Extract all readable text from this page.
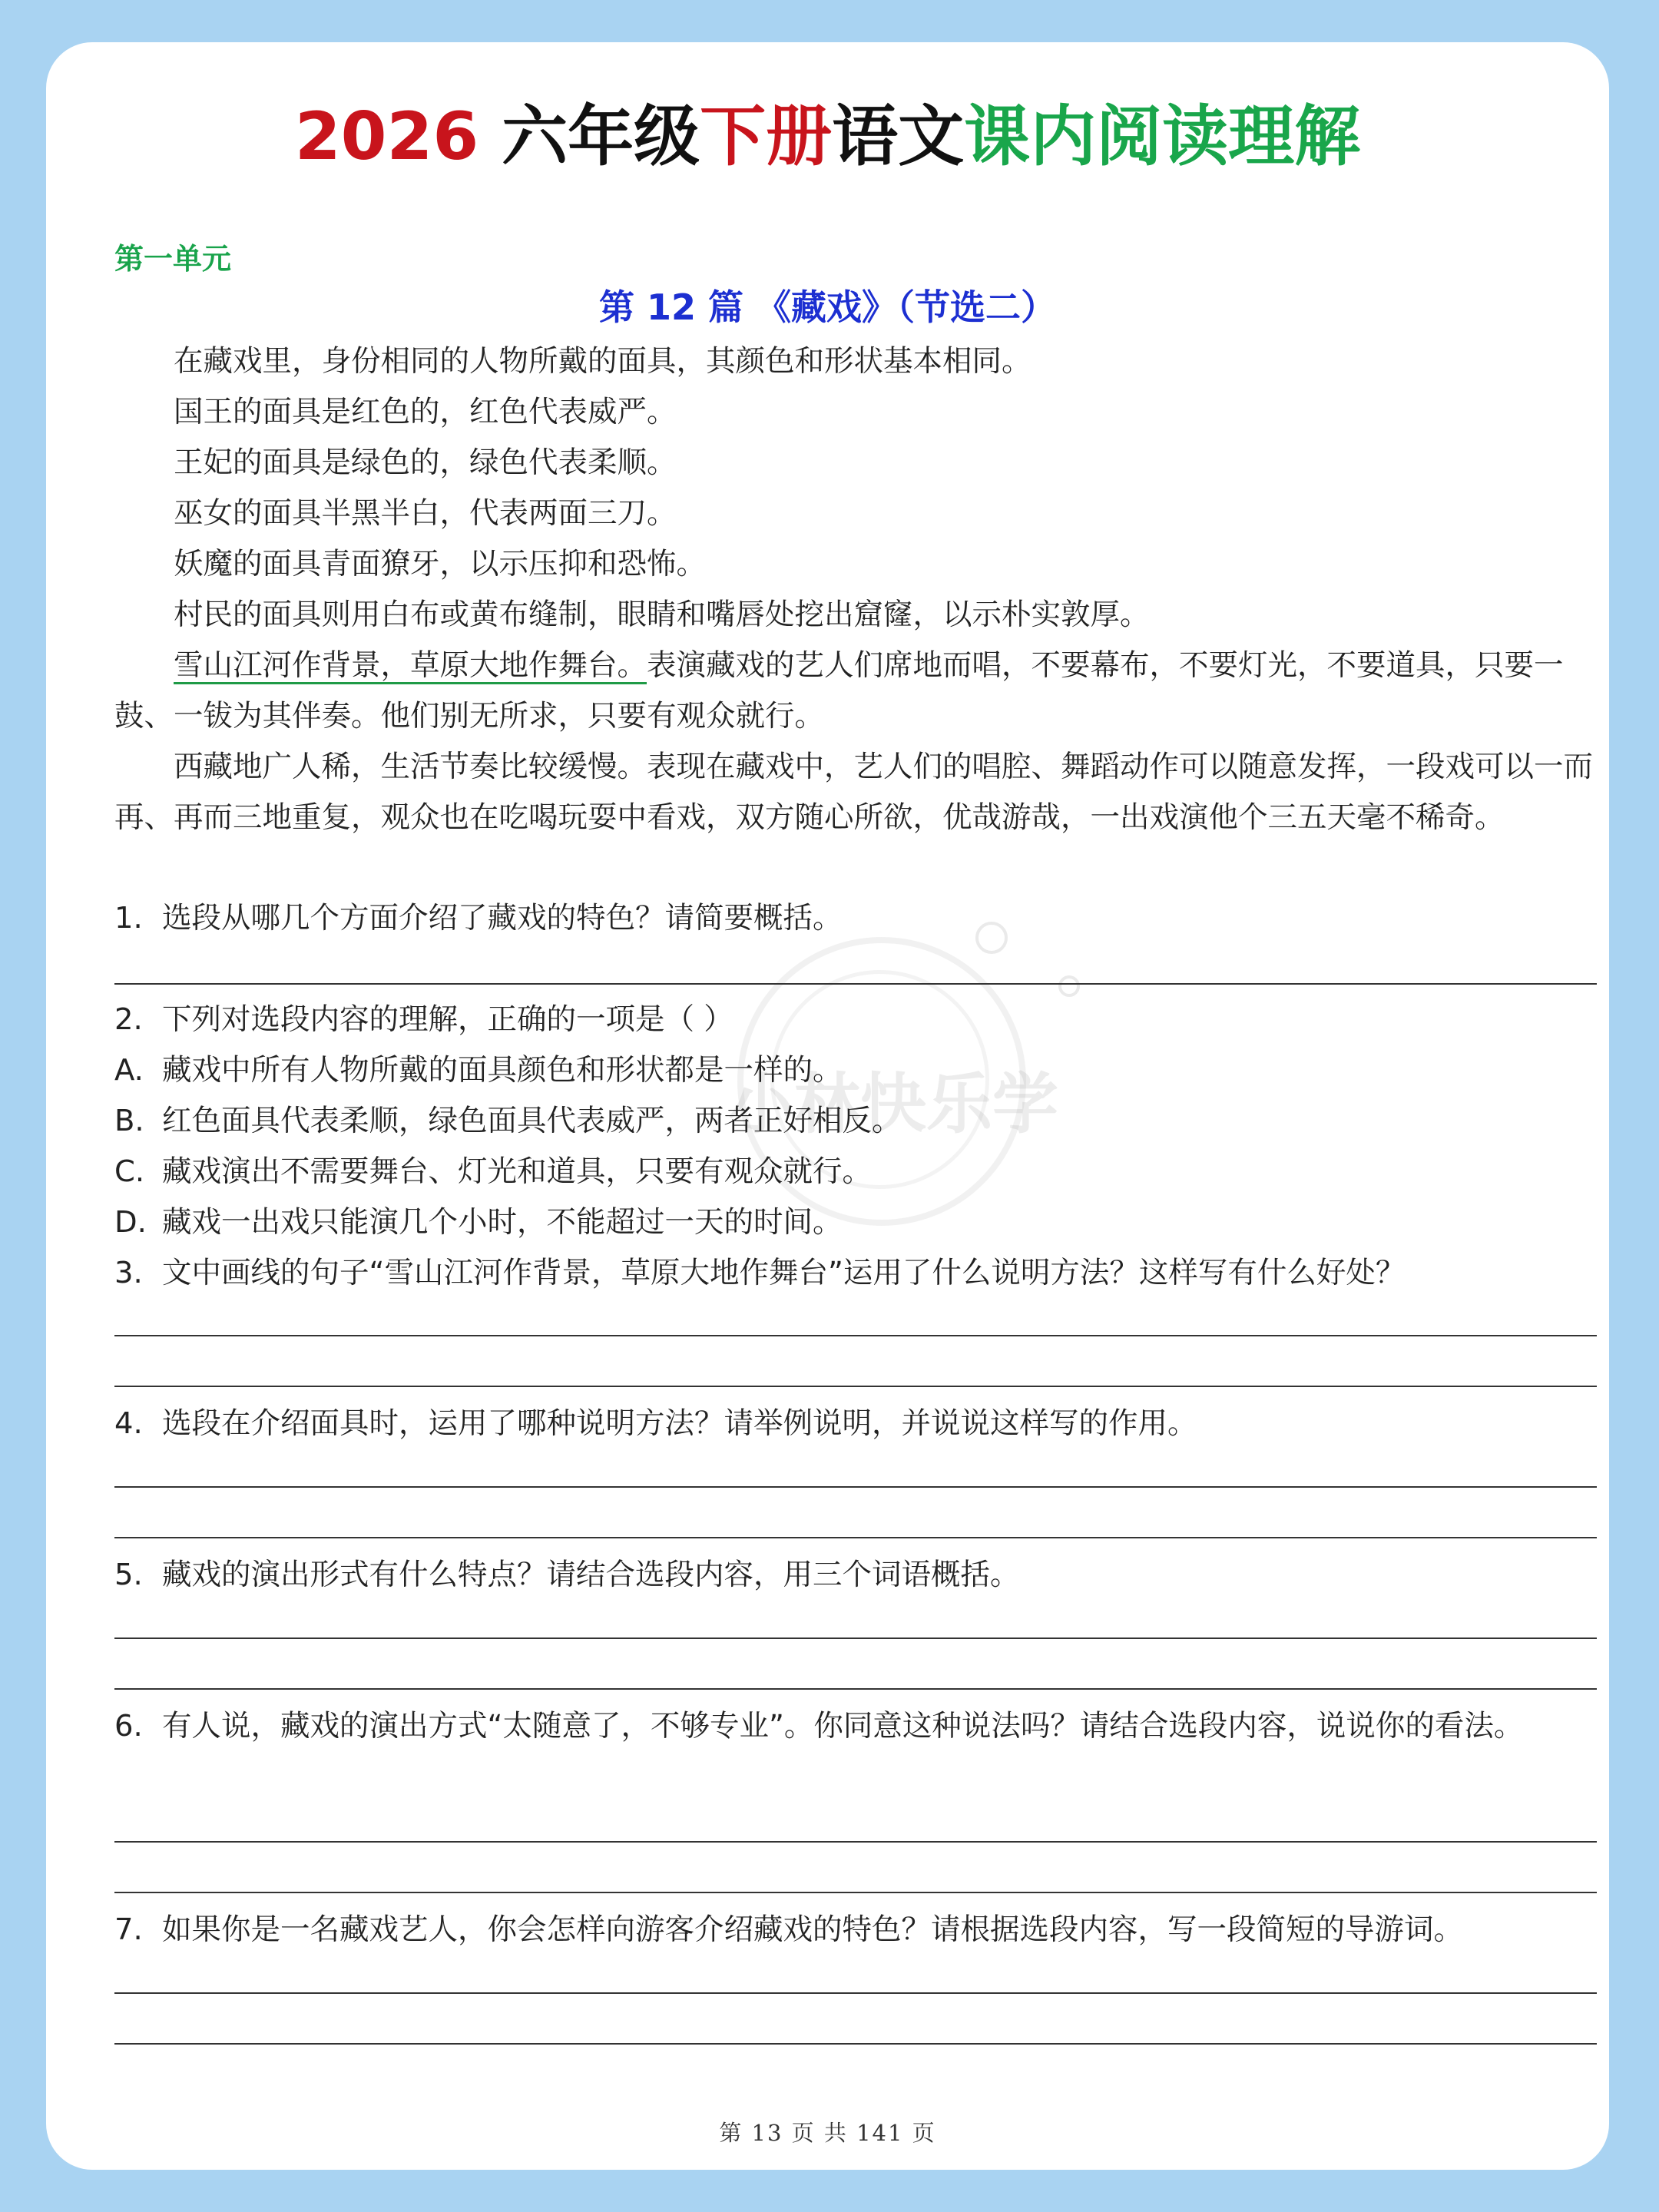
2026 六年级下册语文课内阅读理解
第一单元
第 12 篇 《藏戏》（节选二）
小林快乐学

在藏戏里，身份相同的人物所戴的面具，其颜色和形状基本相同。

国王的面具是红色的，红色代表威严。

王妃的面具是绿色的，绿色代表柔顺。

巫女的面具半黑半白，代表两面三刀。

妖魔的面具青面獠牙，以示压抑和恐怖。

村民的面具则用白布或黄布缝制，眼睛和嘴唇处挖出窟窿，以示朴实敦厚。

雪山江河作背景，草原大地作舞台。表演藏戏的艺人们席地而唱，不要幕布，不要灯光，不要道具，只要一鼓、一钹为其伴奏。他们别无所求，只要有观众就行。

西藏地广人稀，生活节奏比较缓慢。表现在藏戏中，艺人们的唱腔、舞蹈动作可以随意发挥，一段戏可以一而再、再而三地重复，观众也在吃喝玩耍中看戏，双方随心所欲，优哉游哉，一出戏演他个三五天毫不稀奇。

1. 选段从哪几个方面介绍了藏戏的特色？请简要概括。
2. 下列对选段内容的理解，正确的一项是（ ）
A. 藏戏中所有人物所戴的面具颜色和形状都是一样的。
B. 红色面具代表柔顺，绿色面具代表威严，两者正好相反。
C. 藏戏演出不需要舞台、灯光和道具，只要有观众就行。
D. 藏戏一出戏只能演几个小时，不能超过一天的时间。
3. 文中画线的句子“雪山江河作背景，草原大地作舞台”运用了什么说明方法？这样写有什么好处？
4. 选段在介绍面具时，运用了哪种说明方法？请举例说明，并说说这样写的作用。
5. 藏戏的演出形式有什么特点？请结合选段内容，用三个词语概括。
6. 有人说，藏戏的演出方式“太随意了，不够专业”。你同意这种说法吗？请结合选段内容，说说你的看法。
7. 如果你是一名藏戏艺人，你会怎样向游客介绍藏戏的特色？请根据选段内容，写一段简短的导游词。
第 13 页 共 141 页
